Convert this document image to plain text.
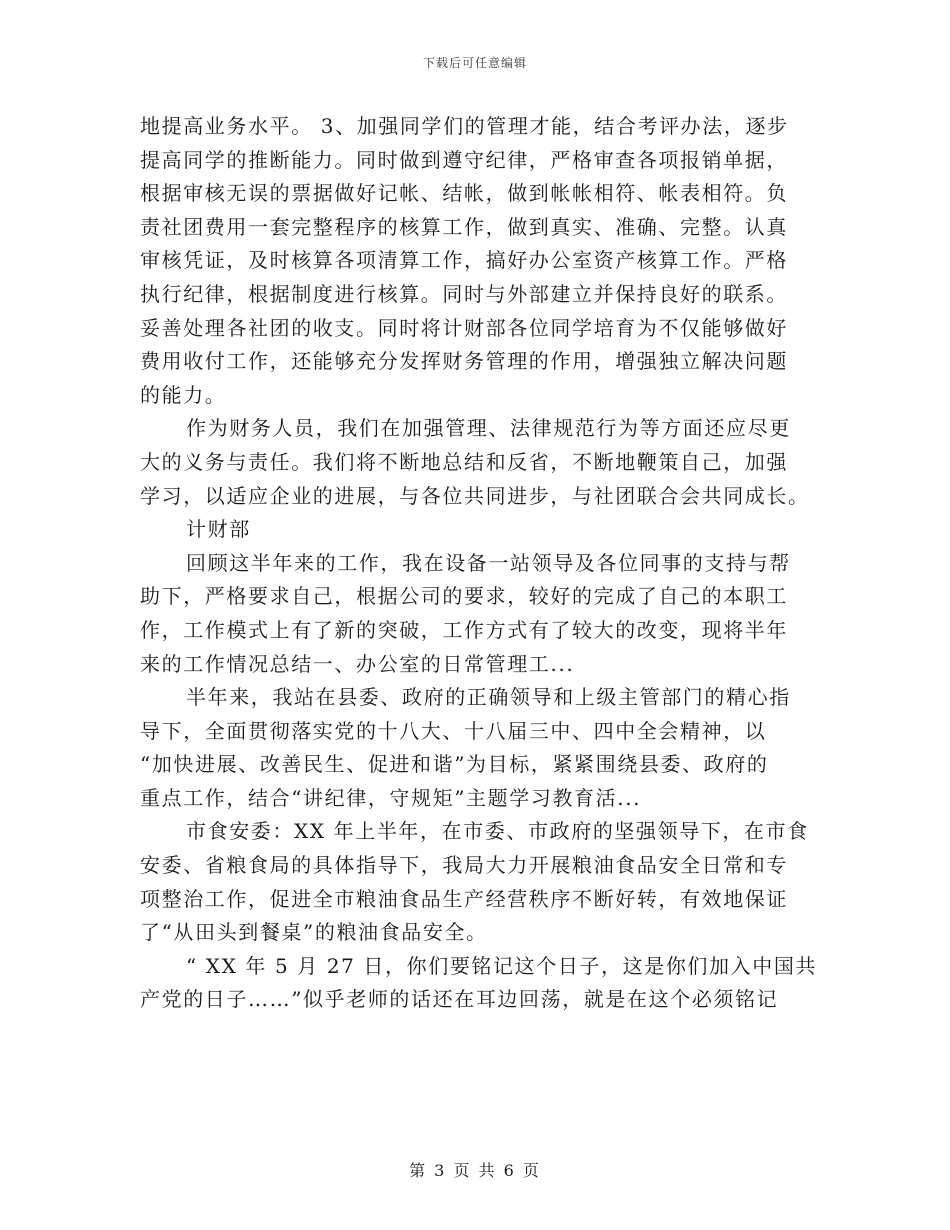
下载后可任意编辑
地提高业务水平。 3、加强同学们的管理才能，结合考评办法，逐步
提高同学的推断能力。同时做到遵守纪律，严格审查各项报销单据，
根据审核无误的票据做好记帐、结帐，做到帐帐相符、帐表相符。负
责社团费用一套完整程序的核算工作，做到真实、准确、完整。认真
审核凭证，及时核算各项清算工作，搞好办公室资产核算工作。严格
执行纪律，根据制度进行核算。同时与外部建立并保持良好的联系。
妥善处理各社团的收支。同时将计财部各位同学培育为不仅能够做好
费用收付工作，还能够充分发挥财务管理的作用，增强独立解决问题
的能力。
作为财务人员，我们在加强管理、法律规范行为等方面还应尽更
大的义务与责任。我们将不断地总结和反省，不断地鞭策自己，加强
学习，以适应企业的进展，与各位共同进步，与社团联合会共同成长。
计财部
回顾这半年来的工作，我在设备一站领导及各位同事的支持与帮
助下，严格要求自己，根据公司的要求，较好的完成了自己的本职工
作，工作模式上有了新的突破，工作方式有了较大的改变，现将半年
来的工作情况总结一、办公室的日常管理工...
半年来，我站在县委、政府的正确领导和上级主管部门的精心指
导下，全面贯彻落实党的十八大、十八届三中、四中全会精神，以
“加快进展、改善民生、促进和谐”为目标，紧紧围绕县委、政府的
重点工作，结合“讲纪律，守规矩”主题学习教育活...
市食安委：XX 年上半年，在市委、市政府的坚强领导下，在市食
安委、省粮食局的具体指导下，我局大力开展粮油食品安全日常和专
项整治工作，促进全市粮油食品生产经营秩序不断好转，有效地保证
了“从田头到餐桌”的粮油食品安全。
“ XX 年 5 月 27 日，你们要铭记这个日子，这是你们加入中国共
产党的日子……”似乎老师的话还在耳边回荡，就是在这个必须铭记
第 3 页 共 6 页
